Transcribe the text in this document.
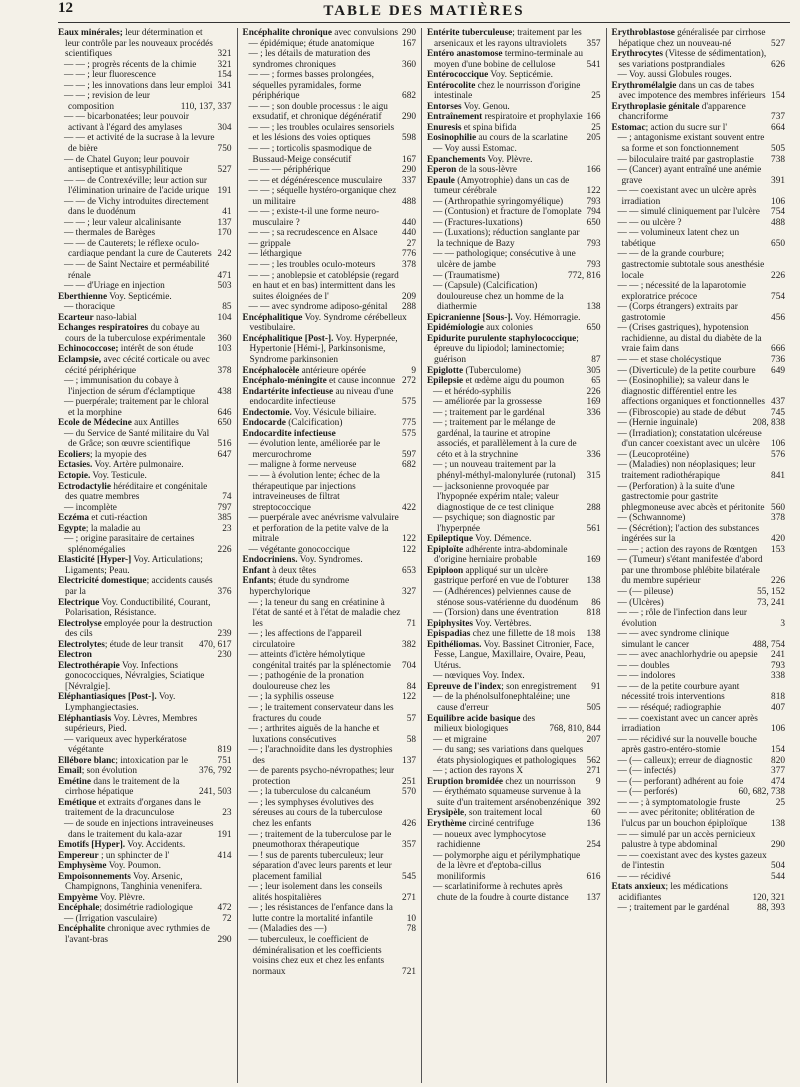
12	TABLE DES MATIÈRES
Eaux minérales; leur détermination et leur contrôle par les nouveaux procédés scientifiques	321
— — ; progrès récents de la chimie	321
— — ; leur fluorescence	154
— — ; les innovations dans leur emploi 341
— — ; revision de leur composition	110, 137, 337
— — bicarbonatées; leur pouvoir activant à l'égard des amylases	304
— — et activité de la sucrase à la levure de bière	750
— de Chatel Guyon; leur pouvoir antiseptique et antisyphilitique	527
— — de Contrexéville; leur action sur l'élimination urinaire de l'acide urique 191
— — de Vichy introduites directement dans le duodénum	41
— — ; leur valeur alcalinisante	137
— thermales de Barèges	170
— — de Cauterets; le réflexe oculo-cardiaque pendant la cure de Cauterets 242
— — de Saint Nectaire et perméabilité rénale	471
— — d'Uriage en injection	503
Eberthienne Voy. Septicémie.
— thoracique	85
Ecarteur naso-labial	104
Echanges respiratoires du cobaye au cours de la tuberculose expérimentale	360
Echinococcose; intérêt de son étude	103
Eclampsie, avec cécité corticale ou avec cécité périphérique	378
— ; immunisation du cobaye à l'injection de sérum d'éclamptique	438
— puerpérale; traitement par le chloral et la morphine	646
Ecole de Médecine aux Antilles	650
— du Service de Santé militaire du Val de Grâce; son œuvre scientifique	516
Ecoliers; la myopie des	647
Ectasies. Voy. Artère pulmonaire.
Ectopie. Voy. Testicule.
Ectrodactylie héréditaire et congénitale des quatre membres	74
— incomplète	797
Eczéma et cuti-réaction	385
Egypte; la maladie au	23
— ; origine parasitaire de certaines splénomégalies	226
Elasticité [Hyper-] Voy. Articulations; Ligaments; Peau.
Electricité domestique; accidents causés par la	376
Electrique Voy. Conductibilité, Courant, Polarisation, Résistance.
Electrolyse employée pour la destruction des cils	239
Electrolytes; étude de leur transit	470, 617
Electron	230
Electrothérapie Voy. Infections gonococciques, Névralgies, Sciatique [Névralgie].
Eléphantiasiques [Post-]. Voy. Lymphangiectasies.
Eléphantiasis Voy. Lèvres, Membres supérieurs, Pied.
— variqueux avec hyperkératose végétante	819
Ellébore blanc; intoxication par le	751
Email; son évolution	376, 792
Emétine dans le traitement de la cirrhose hépatique	241, 503
Emétique et extraits d'organes dans le traitement de la dracunculose	23
— de soude en injections intraveineuses dans le traitement du kala-azar	191
Emotifs [Hyper]. Voy. Accidents.
Empereur ; un sphincter de l'	414
Emphysème Voy. Poumon.
Empoisonnements Voy. Arsenic, Champignons, Tanghinia venenifera.
Empyème Voy. Plèvre.
Encéphale; dosimétrie radiologique	472
— (Irrigation vasculaire)	72
Encéphalite chronique avec rythmies de l'avant-bras	290
Encéphalite chronique avec convulsions 290
— épidémique; étude anatomique	167
— ; les détails de maturation des syndromes chroniques	360
— — ; formes basses prolongées, séquelles pyramidales, forme périphérique	682
— — ; son double processus : le aigu exsudatif, et chronique dégénératif	290
— — ; les troubles oculaires sensoriels et les lésions des voies optiques	598
— — ; torticolis spasmodique de Bussaud-Meige consécutif	167
— — — périphérique	290
— — et dégénérescence musculaire	337
— — ; séquelle hystéro-organique chez un militaire	488
— — ; existe-t-il une forme neuro-musculaire ?	440
— — ; sa recrudescence en Alsace	440
— grippale	27
— léthargique	776
— — ; les troubles oculo-moteurs	378
— — ; anoblepsie et catoblépsie (regard en haut et en bas) intermittent dans les suites éloignées de l'	209
— — avec syndrome adiposo-génital	288
Encéphalitique Voy. Syndrome cérébelleux vestibulaire.
Encéphalitique [Post-]. Voy. Hyperpnée, Hypertonie [Hémi-], Parkinsonisme, Syndrome parkinsonien
Encéphalocèle antérieure opérée	9
Encéphalo-méningite et cause inconnue 272
Endartérite infectieuse au niveau d'une endocardite infectieuse	575
Endectomie. Voy. Vésicule biliaire.
Endocarde (Calcification)	775
Endocardite infectieuse	575
— évolution lente, améliorée par le mercurochrome	597
— maligne à forme nerveuse	682
— — à évolution lente; échec de la thérapeutique par injections intraveineuses de filtrat streptococcique	422
— puerpérale avec anévrisme valvulaire et perforation de la petite valve de la mitrale	122
— végétante gonococcique	122
Endocriniens. Voy. Syndromes.
Enfant à deux têtes	653
Enfants; étude du syndrome hyperchylorique	327
— ; la teneur du sang en créatinine à l'état de santé et à l'état de maladie chez les	71
— ; les affections de l'appareil circulatoire	382
— atteints d'ictère hémolytique congénital traités par la splénectomie	704
— ; pathogénie de la pronation douloureuse chez les	84
— ; la syphilis osseuse	122
— ; le traitement conservateur dans les fractures du coude	57
— ; arthrites aiguës de la hanche et luxations consécutives	58
— ; l'arachnoïdite dans les dystrophies des	137
— de parents psycho-névropathes; leur protection	251
— ; la tuberculose du calcanéum	570
— ; les symphyses évolutives des séreuses au cours de la tuberculose chez les enfants	426
— ; traitement de la tuberculose par le pneumothorax thérapeutique	357
— ! sus de parents tuberculeux; leur séparation d'avec leurs parents et leur placement familial	545
— ; leur isolement dans les conseils alités hospitalières	271
— ; les résistances de l'enfance dans la lutte contre la mortalité infantile	10
— (Maladies des —)	78
— tuberculeux, le coefficient de déminéralisation et les coefficients voisins chez eux et chez les enfants normaux	721
Entérite tuberculeuse; traitement par les arsenicaux et les rayons ultraviolets	357
Entéro anastomose termino-terminale au moyen d'une bobine de cellulose	541
Entérococcique Voy. Septicémie.
Entérocolite chez le nourrisson d'origine intestinale	25
Entorses Voy. Genou.
Entraînement respiratoire et prophylaxie 166
Enuresis et spina bifida	25
Eosinophilie au cours de la scarlatine	205
— Voy aussi Estomac.
Epanchements Voy. Plèvre.
Eperon de la sous-lèvre	166
Epaule (Amyotrophie) dans un cas de tumeur cérébrale	122
— (Arthropathie syringomyélique)	793
— (Contusion) et fracture de l'omoplate 794
— (Fractures-luxations)	650
— (Luxations); réduction sanglante par la technique de Bazy	793
— — pathologique; consécutive à une ulcère de jambe	793
— (Traumatisme)	772, 816
— (Capsule) (Calcification) douloureuse chez un homme de la diathermie	138
Epicranienne [Sous-]. Voy. Hémorragie.
Epidémiologie aux colonies	650
Epidurite purulente staphylococcique; épreuve du lipiodol; laminectomie; guérison	87
Epiglotte (Tuberculome)	305
Epilepsie et œdème aigu du poumon	65
— et hérédo-syphilis	226
— améliorée par la grossesse	169
— ; traitement par le gardénal	336
— ; traitement par le mélange de gardénal, la taurine et atropine associés, et parallèlement à la cure de céto et à la strychnine	336
— ; un nouveau traitement par la phényl-méthyl-malonylurée (rutonal)	315
— jacksonienne provoquée par l'hypopnée expérim ntale; valeur diagnostique de ce test clinique	288
— psychique; son diagnostic par l'hyperpnée	561
Epileptique Voy. Démence.
Epiploïte adhérente intra-abdominale d'origine herniaire probable	169
Epiploon appliqué sur un ulcère gastrique perforé en vue de l'obturer	138
— (Adhérences) pelviennes cause de sténose sous-vatérienne du duodénum	86
— (Torsion) dans une éventration	818
Epiphysites Voy. Vertèbres.
Epispadias chez une fillette de 18 mois	138
Epithéliomas. Voy. Bassinet Citronier, Face, Fesse, Langue, Maxillaire, Ovaire, Peau, Utérus.
— nœviques Voy. Index.
Epreuve de l'index; son enregistrement	91
— de la phénolsulfonephtaléine; une cause d'erreur	505
Equilibre acide basique des milieux biologiques	768, 810, 844
— et migraine	207
— du sang; ses variations dans quelques états physiologiques et pathologiques	562
— ; action des rayons X	271
Eruption bromidée chez un nourrisson	9
— érythémato squameuse survenue à la suite d'un traitement arsénobenzénique 392
Erysipèle, son traitement local	60
Erythème circiné centrifuge	136
— noueux avec lymphocytose rachidienne	254
— polymorphe aigu et périlymphatique de la lèvre et d'eptoba-cillus moniliformis	616
— scarlatiniforme à rechutes après chute de la foudre à courte distance	137
Erythroblastose généralisée par cirrhose hépatique chez un nouveau-né	527
Erythrocytes (Vitesse de sédimentation), ses variations postprandiales	626
— Voy. aussi Globules rouges.
Erythromélalgie dans un cas de tabes avec impotence des membres inférieurs 154
Erythroplasie génitale d'apparence chancriforme	737
Estomac; action du sucre sur l'	664
— ; antagonisme existant souvent entre sa forme et son fonctionnement	505
— biloculaire traité par gastroplastie	738
— (Cancer) ayant entraîné une anémie grave	391
— — coexistant avec un ulcère après irradiation	106
— — simulé cliniquement par l'ulcère	754
— — ou ulcère ?	488
— — volumineux latent chez un tabétique	650
— — de la grande courbure; gastrectomie subtotale sous anesthésie locale	226
— — ; nécessité de la laparotomie exploratrice précoce	754
— (Corps étrangers) extraits par gastrotomie	456
— (Crises gastriques), hypotension rachidienne, au distal du diabète de la vraie faim dans	666
— — et stase cholécystique	736
— (Diverticule) de la petite courbure	649
— (Eosinophilie); sa valeur dans le diagnostic différentiel entre les affections organiques et fonctionnelles 437
— (Fibroscopie) au stade de début	745
— (Hernie inguinale)	208, 838
— (Irradiation); constatation ulcéreuse d'un cancer coexistant avec un ulcère	106
— (Leucoprotéine)	576
— (Maladies) non néoplasiques; leur traitement radiothérapique	841
— (Perforation) à la suite d'une gastrectomie pour gastrite phlegmoneuse avec abcès et péritonite 560
— (Schwannome)	378
— (Sécrétion); l'action des substances ingérées sur la	420
— — ; action des rayons de Rœntgen	153
— (Tumeur) s'étant manifestée d'abord par une thrombose phlébite bilatérale du membre supérieur	226
— (— pileuse)	55, 152
— (Ulcères)	73, 241
— — ; rôle de l'infection dans leur évolution	3
— — avec syndrome clinique simulant le cancer	488, 754
— — avec anachlorhydrie ou apepsie	241
— — doubles	793
— — indolores	338
— — de la petite courbure ayant nécessité trois interventions	818
— — réséqué; radiographie	407
— — coexistant avec un cancer après irradiation	106
— — récidivé sur la nouvelle bouche après gastro-entéro-stomie	154
— (— calleux); erreur de diagnostic	820
— (— infectés)	377
— (— perforant) adhérent au foie	474
— (— perforés)	60, 682, 738
— — ; à symptomatologie fruste	25
— — avec péritonite; oblitération de l'ulcus par un bouchon épiploïque	138
— — simulé par un accès pernicieux palustre à type abdominal	290
— — coexistant avec des kystes gazeux de l'intestin	504
— — récidivé	544
Etats anxieux; les médications acidifiantes	120, 321
— ; traitement par le gardénal	88, 393
